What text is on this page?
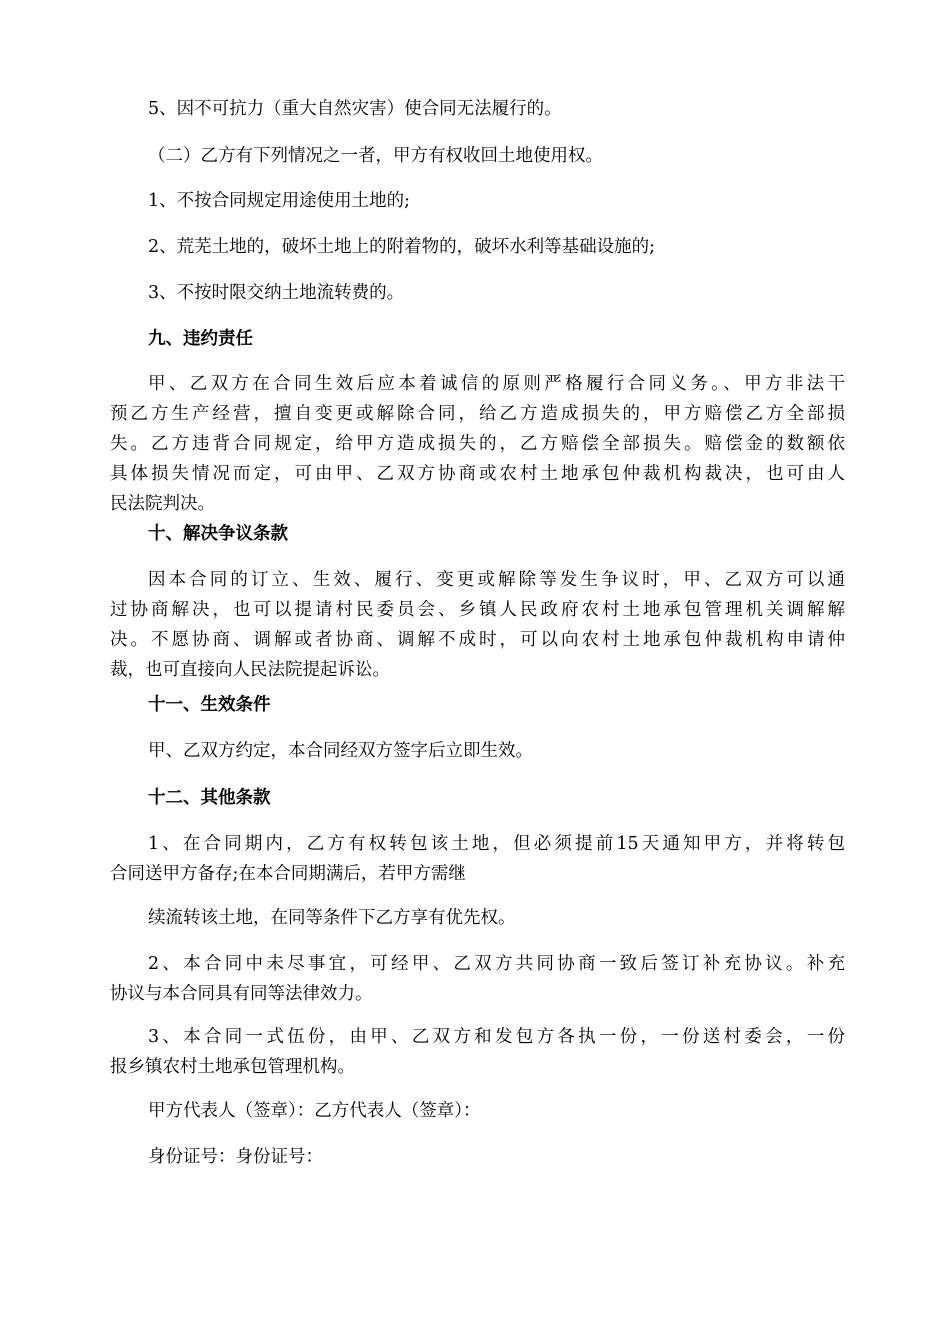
5、因不可抗力（重大自然灾害）使合同无法履行的。
（二）乙方有下列情况之一者，甲方有权收回土地使用权。
1、不按合同规定用途使用土地的;
2、荒芜土地的，破坏土地上的附着物的，破坏水利等基础设施的;
3、不按时限交纳土地流转费的。
九、违约责任
甲、乙双方在合同生效后应本着诚信的原则严格履行合同义务。、甲方非法干
预乙方生产经营，擅自变更或解除合同，给乙方造成损失的，甲方赔偿乙方全部损
失。乙方违背合同规定，给甲方造成损失的，乙方赔偿全部损失。赔偿金的数额依
具体损失情况而定，可由甲、乙双方协商或农村土地承包仲裁机构裁决，也可由人
民法院判决。
十、解决争议条款
因本合同的订立、生效、履行、变更或解除等发生争议时，甲、乙双方可以通
过协商解决，也可以提请村民委员会、乡镇人民政府农村土地承包管理机关调解解
决。不愿协商、调解或者协商、调解不成时，可以向农村土地承包仲裁机构申请仲
裁，也可直接向人民法院提起诉讼。
十一、生效条件
甲、乙双方约定，本合同经双方签字后立即生效。
十二、其他条款
1、在合同期内，乙方有权转包该土地，但必须提前15天通知甲方，并将转包
合同送甲方备存;在本合同期满后，若甲方需继
续流转该土地，在同等条件下乙方享有优先权。
2、本合同中未尽事宜，可经甲、乙双方共同协商一致后签订补充协议。补充
协议与本合同具有同等法律效力。
3、本合同一式伍份，由甲、乙双方和发包方各执一份，一份送村委会，一份
报乡镇农村土地承包管理机构。
甲方代表人（签章）：乙方代表人（签章）：
身份证号：身份证号：
